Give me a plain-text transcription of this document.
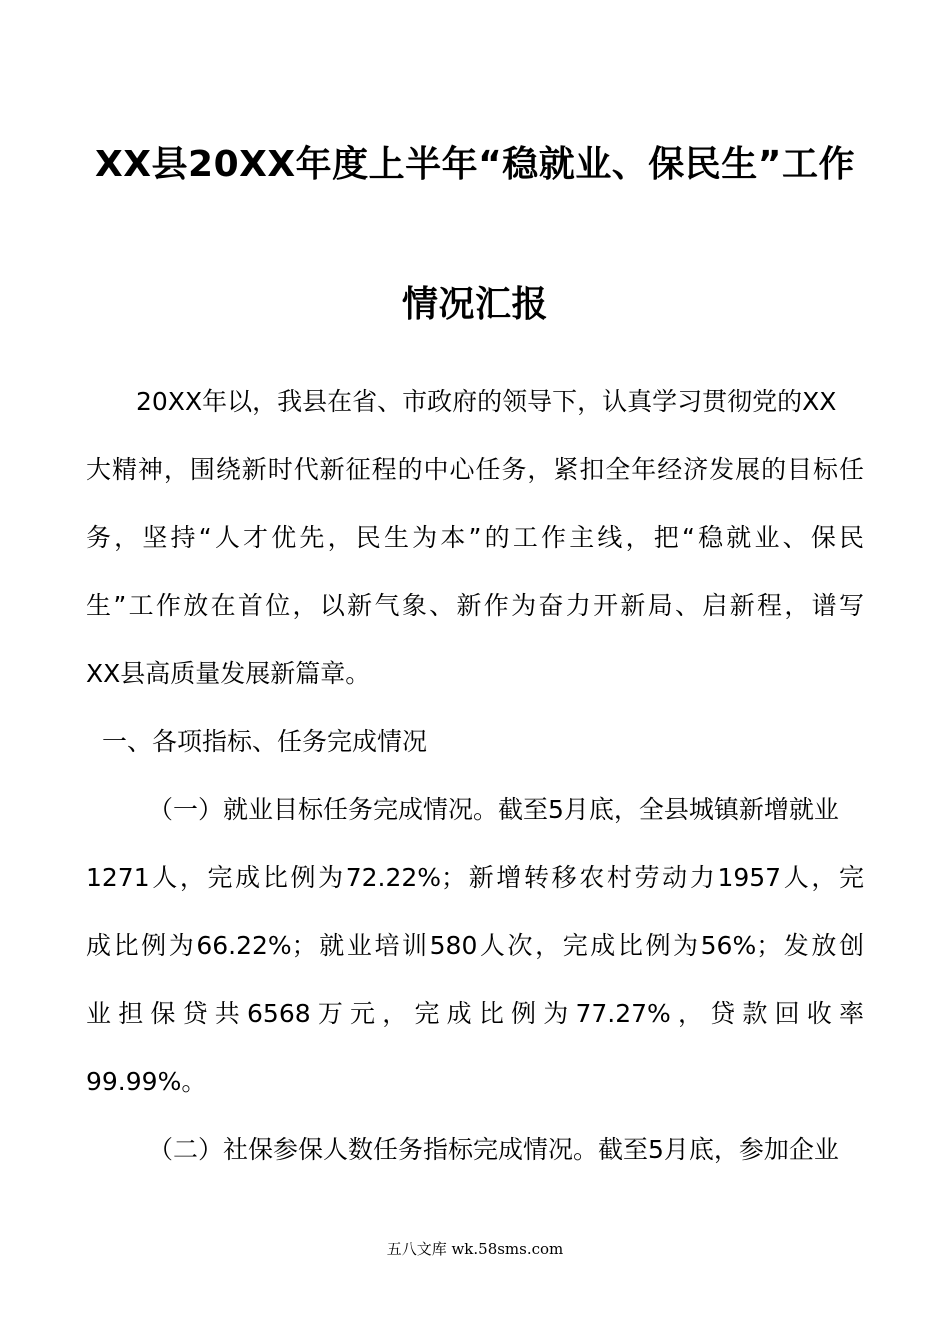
XX县20XX年度上半年“稳就业、保民生”工作
情况汇报
20XX年以，我县在省、市政府的领导下，认真学习贯彻党的XX
大精神，围绕新时代新征程的中心任务，紧扣全年经济发展的目标任
务，坚持“人才优先，民生为本”的工作主线，把“稳就业、保民
生”工作放在首位，以新气象、新作为奋力开新局、启新程，谱写
XX县高质量发展新篇章。
一、各项指标、任务完成情况
（一）就业目标任务完成情况。截至5月底，全县城镇新增就业
1271人，完成比例为72.22%；新增转移农村劳动力1957人，完
成比例为66.22%；就业培训580人次，完成比例为56%；发放创
业担保贷共6568万元，完成比例为77.27%，贷款回收率
99.99%。
（二）社保参保人数任务指标完成情况。截至5月底，参加企业
五八文库 wk.58sms.com
